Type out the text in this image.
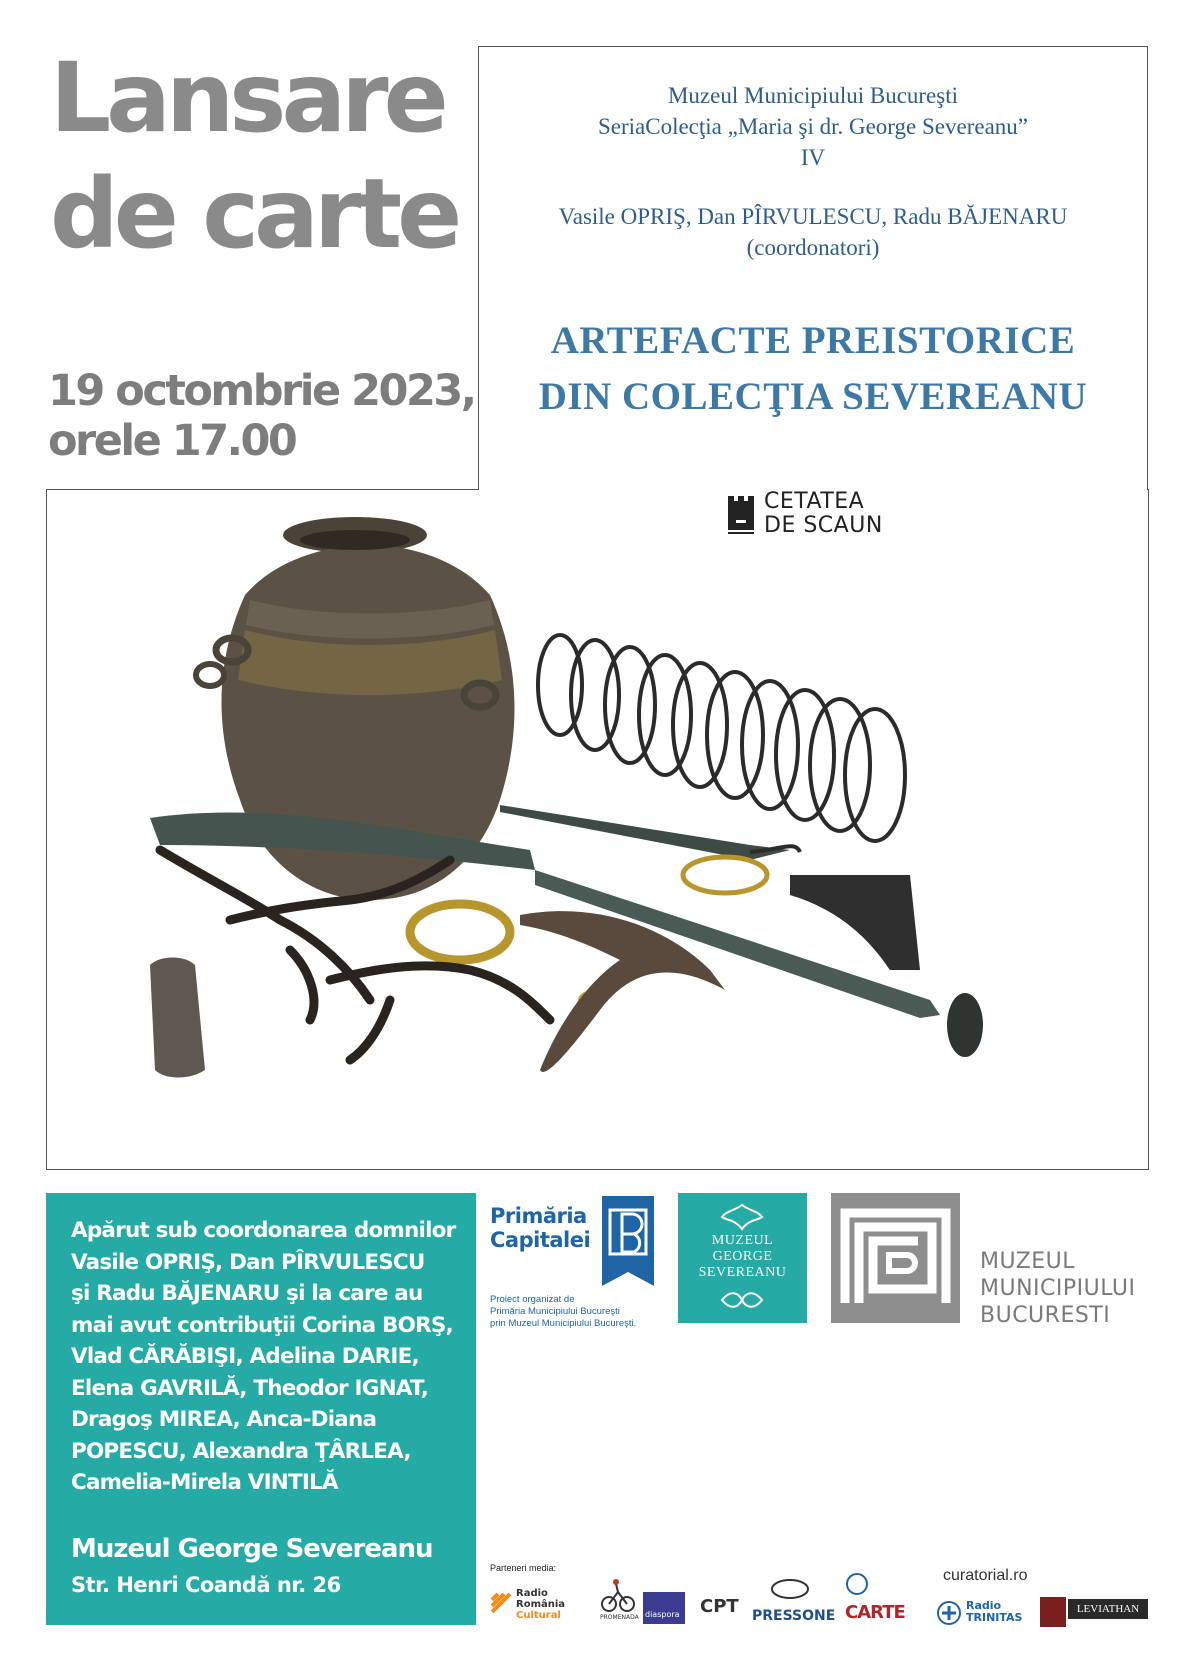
Lansare
de carte
19 octombrie 2023,
orele 17.00
Muzeul Municipiului Bucureşti
SeriaColecţia „Maria şi dr. George Severeanu”
IV
Vasile OPRIŞ, Dan PÎRVULESCU, Radu BĂJENARU
(coordonatori)
ARTEFACTE PREISTORICE
DIN COLECŢIA SEVEREANU
CETATEA
DE SCAUN
Apărut sub coordonarea domnilor
Vasile OPRIŞ, Dan PÎRVULESCU
şi Radu BĂJENARU şi la care au
mai avut contribuţii Corina BORŞ,
Vlad CĂRĂBIŞI, Adelina DARIE,
Elena GAVRILĂ, Theodor IGNAT,
Dragoş MIREA, Anca-Diana
POPESCU, Alexandra ŢÂRLEA,
Camelia-Mirela VINTILĂ
Muzeul George Severeanu
Str. Henri Coandă nr. 26
Primăria
Capitalei
Proiect organizat de
Primăria Municipiului Bucureşti
prin Muzeul Municipiului Bucureşti.
MUZEUL
GEORGE
SEVEREANU	MUZEUL
MUNICIPIULUI
BUCURESTI
Parteneri media:
Radio
România
Cultural	PROMENADA diaspora CPT PRESSONE CARTE	Radio
TRINITAS
LEVIATHAN
curatorial.ro
